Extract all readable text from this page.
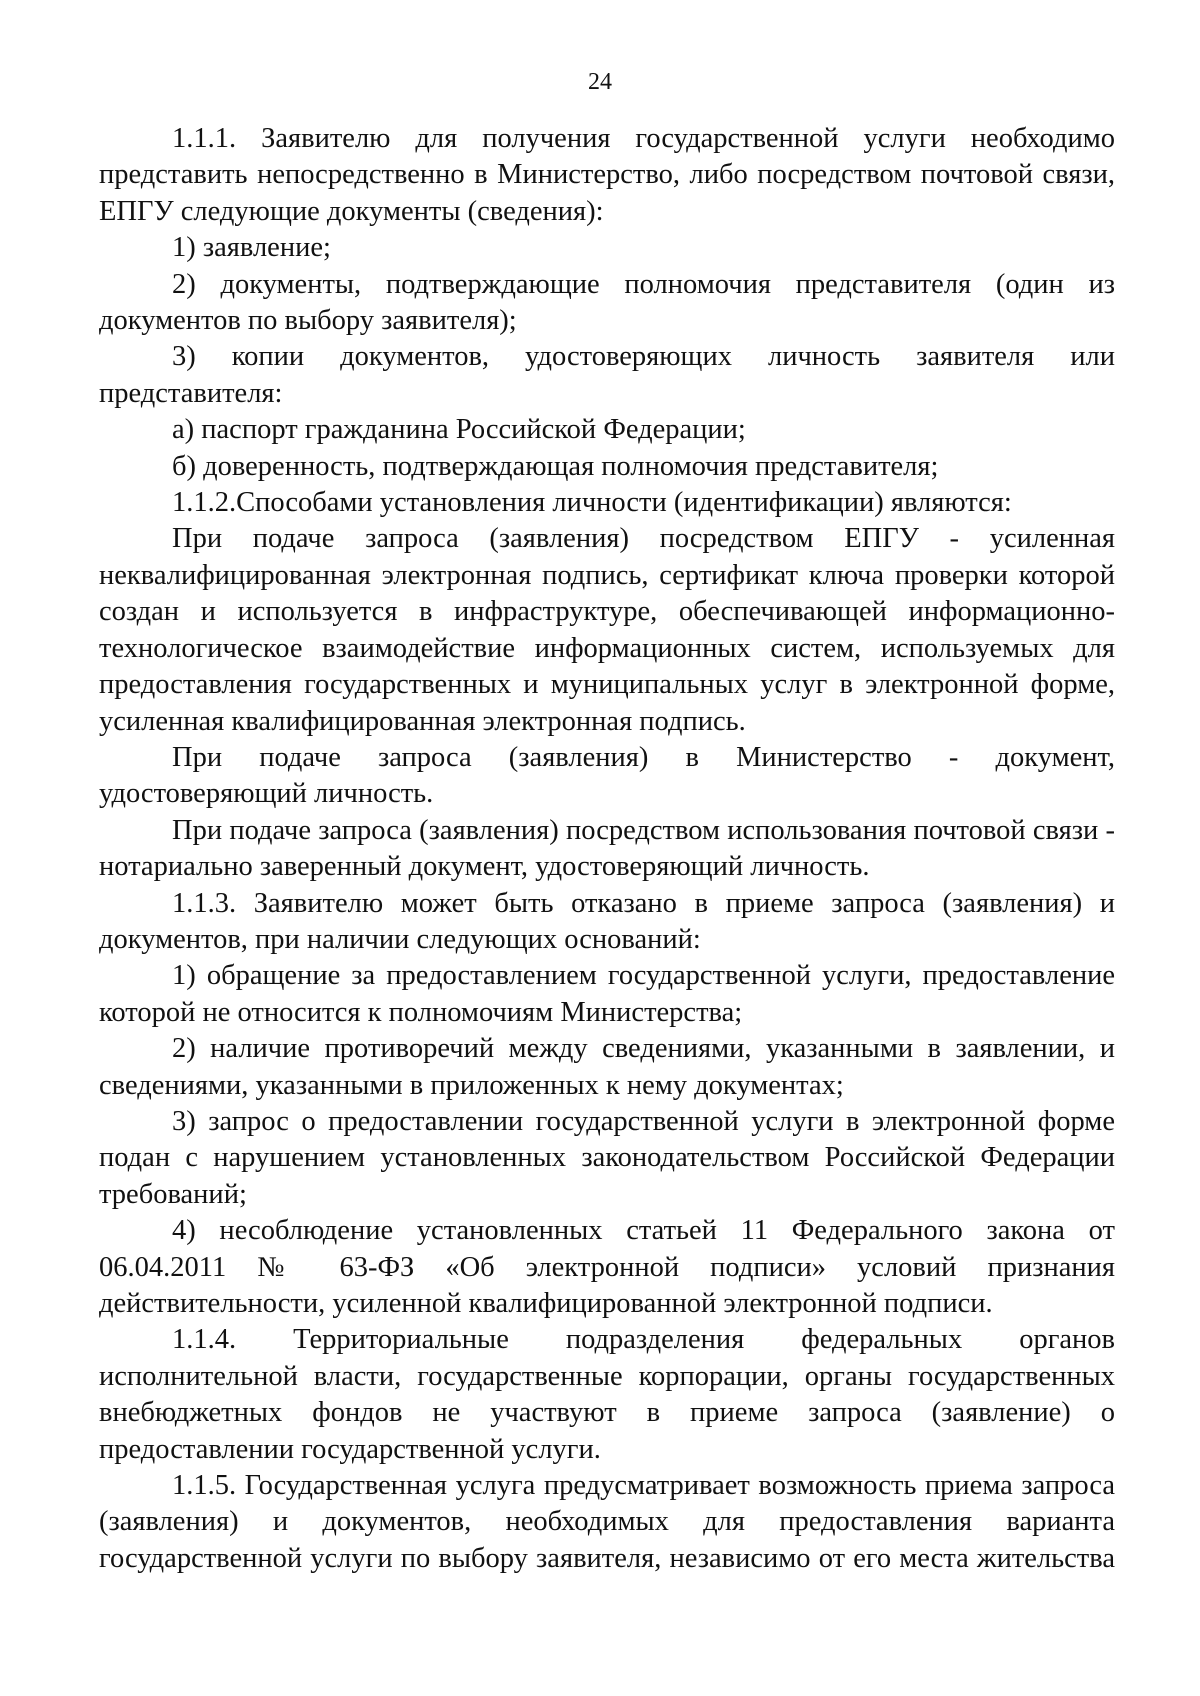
24

1.1.1. Заявителю для получения государственной услуги необходимо представить непосредственно в Министерство, либо посредством почтовой связи, ЕПГУ следующие документы (сведения):

1) заявление;

2) документы, подтверждающие полномочия представителя (один из документов по выбору заявителя);

3) копии документов, удостоверяющих личность заявителя или представителя:

а) паспорт гражданина Российской Федерации;

б) доверенность, подтверждающая полномочия представителя;

1.1.2.Способами установления личности (идентификации) являются:

При подаче запроса (заявления) посредством ЕПГУ - усиленная неквалифицированная электронная подпись, сертификат ключа проверки которой создан и используется в инфраструктуре, обеспечивающей информационно-технологическое взаимодействие информационных систем, используемых для предоставления государственных и муниципальных услуг в электронной форме, усиленная квалифицированная электронная подпись.

При подаче запроса (заявления) в Министерство - документ, удостоверяющий личность.

При подаче запроса (заявления) посредством использования почтовой связи - нотариально заверенный документ, удостоверяющий личность.

1.1.3. Заявителю может быть отказано в приеме запроса (заявления) и документов, при наличии следующих оснований:

1) обращение за предоставлением государственной услуги, предоставление которой не относится к полномочиям Министерства;

2) наличие противоречий между сведениями, указанными в заявлении, и сведениями, указанными в приложенных к нему документах;

3) запрос о предоставлении государственной услуги в электронной форме подан с нарушением установленных законодательством Российской Федерации требований;

4) несоблюдение установленных статьей 11 Федерального закона от 06.04.2011 № 63-ФЗ «Об электронной подписи» условий признания действительности, усиленной квалифицированной электронной подписи.

1.1.4. Территориальные подразделения федеральных органов исполнительной власти, государственные корпорации, органы государственных внебюджетных фондов не участвуют в приеме запроса (заявление) о предоставлении государственной услуги.

1.1.5. Государственная услуга предусматривает возможность приема запроса (заявления) и документов, необходимых для предоставления варианта государственной услуги по выбору заявителя, независимо от его места жительства
